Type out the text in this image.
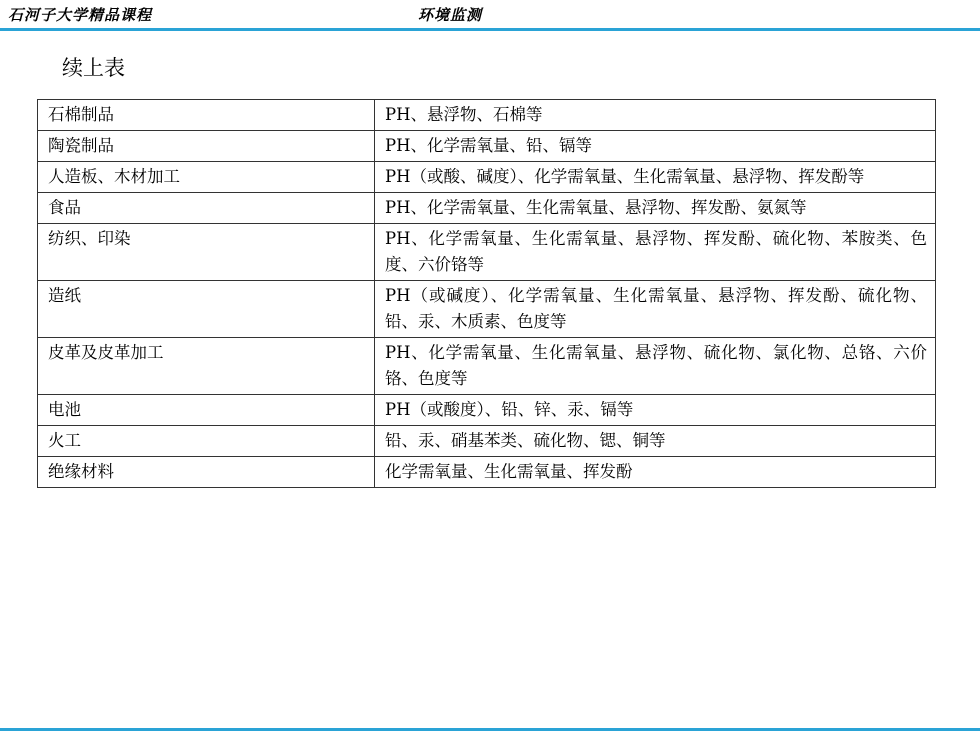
石河子大学精品课程	环境监测
续上表
石棉制品	PH、悬浮物、石棉等
陶瓷制品	PH、化学需氧量、铅、镉等
人造板、木材加工	PH（或酸、碱度）、化学需氧量、生化需氧量、悬浮物、挥发酚等
食品	PH、化学需氧量、生化需氧量、悬浮物、挥发酚、氨氮等
纺织、印染	PH、化学需氧量、生化需氧量、悬浮物、挥发酚、硫化物、苯胺类、色度、六价铬等
造纸	PH（或碱度）、化学需氧量、生化需氧量、悬浮物、挥发酚、硫化物、铅、汞、木质素、色度等
皮革及皮革加工	PH、化学需氧量、生化需氧量、悬浮物、硫化物、氯化物、总铬、六价铬、色度等
电池	PH（或酸度）、铅、锌、汞、镉等
火工	铅、汞、硝基苯类、硫化物、锶、铜等
绝缘材料	化学需氧量、生化需氧量、挥发酚
